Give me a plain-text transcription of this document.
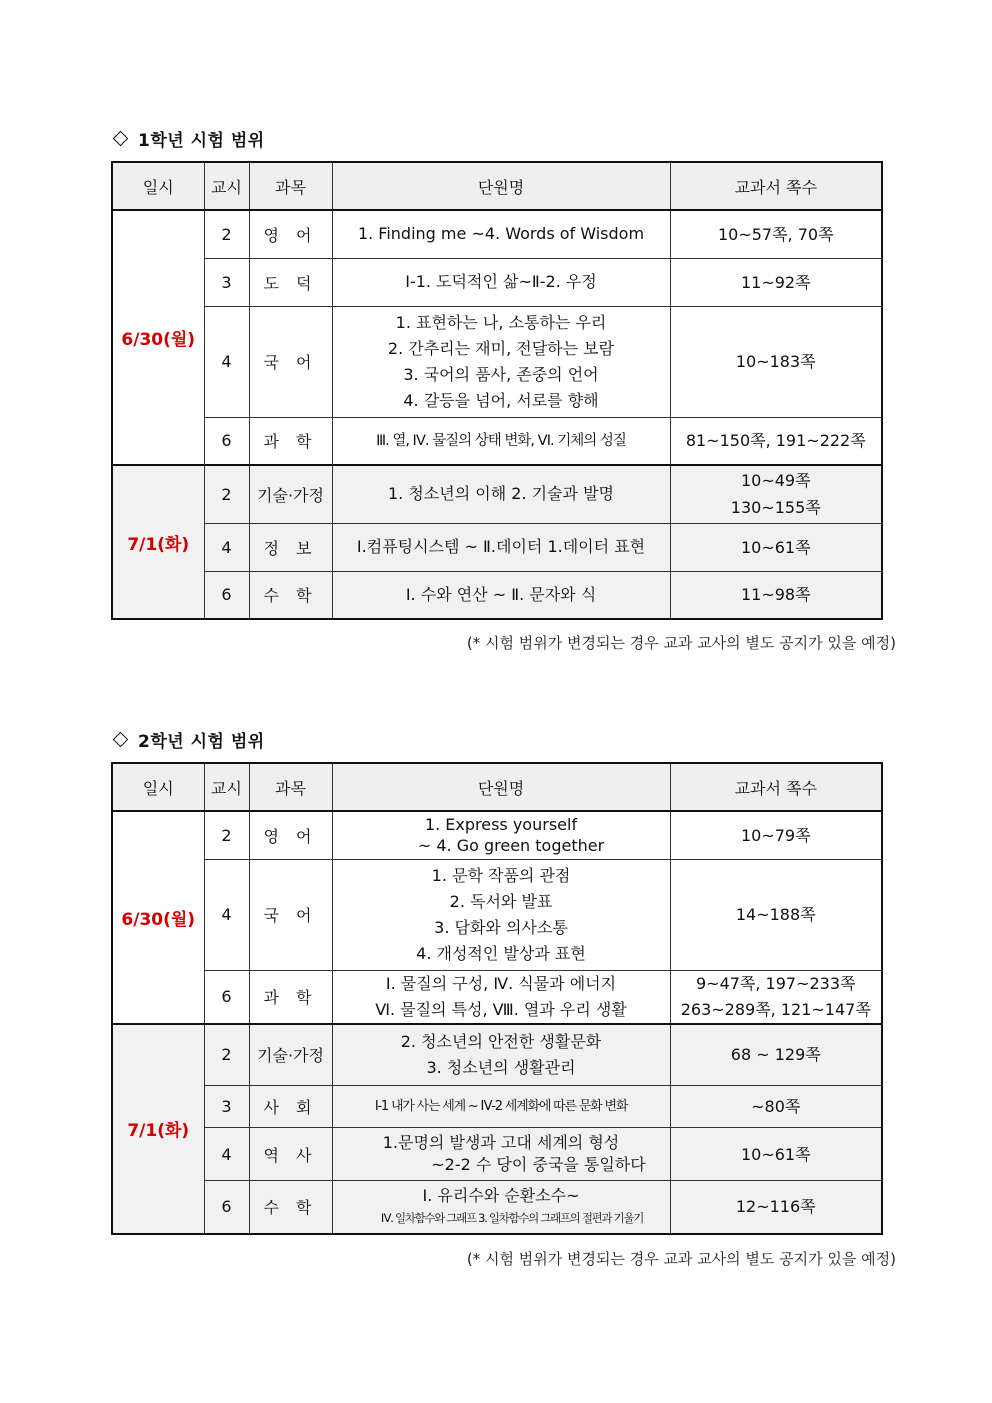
1학년 시험 범위
일시	교시	과목	단원명	교과서 쪽수
6/30(월)	2	영 어	1. Finding me ~4. Words of Wisdom	10~57쪽, 70쪽

	3	도 덕	Ⅰ-1. 도덕적인 삶~Ⅱ-2. 우정	11~92쪽

	4	국 어	1. 표현하는 나, 소통하는 우리
2. 간추리는 재미, 전달하는 보람
3. 국어의 품사, 존중의 언어
4. 갈등을 넘어, 서로를 향해	10~183쪽

	6	과 학	Ⅲ. 열, Ⅳ. 물질의 상태 변화, Ⅵ. 기체의 성질	81~150쪽, 191~222쪽

7/1(화)	2	기술·가정	1. 청소년의 이해 2. 기술과 발명	10~49쪽
130~155쪽

	4	정 보	Ⅰ.컴퓨팅시스템 ~ Ⅱ.데이터 1.데이터 표현	10~61쪽

	6	수 학	Ⅰ. 수와 연산 ~ Ⅱ. 문자와 식	11~98쪽
(* 시험 범위가 변경되는 경우 교과 교사의 별도 공지가 있을 예정)
2학년 시험 범위
일시	교시	과목	단원명	교과서 쪽수
6/30(월)	2	영 어	1. Express yourself
~ 4. Go green together	10~79쪽

	4	국 어	1. 문학 작품의 관점
2. 독서와 발표
3. 담화와 의사소통
4. 개성적인 발상과 표현	14~188쪽

	6	과 학	Ⅰ. 물질의 구성, Ⅳ. 식물과 에너지
Ⅵ. 물질의 특성, Ⅷ. 열과 우리 생활	9~47쪽, 197~233쪽
263~289쪽, 121~147쪽

7/1(화)	2	기술·가정	2. 청소년의 안전한 생활문화
3. 청소년의 생활관리	68 ~ 129쪽

	3	사 회	Ⅰ-1 내가 사는 세계 ~ Ⅳ-2 세계화에 따른 문화 변화	~80쪽

	4	역 사	1.문명의 발생과 고대 세계의 형성
~2-2 수 당이 중국을 통일하다	10~61쪽

	6	수 학	Ⅰ. 유리수와 순환소수~
Ⅳ. 일차함수와 그래프 3. 일차함수의 그래프의 절편과 기울기	12~116쪽
(* 시험 범위가 변경되는 경우 교과 교사의 별도 공지가 있을 예정)
